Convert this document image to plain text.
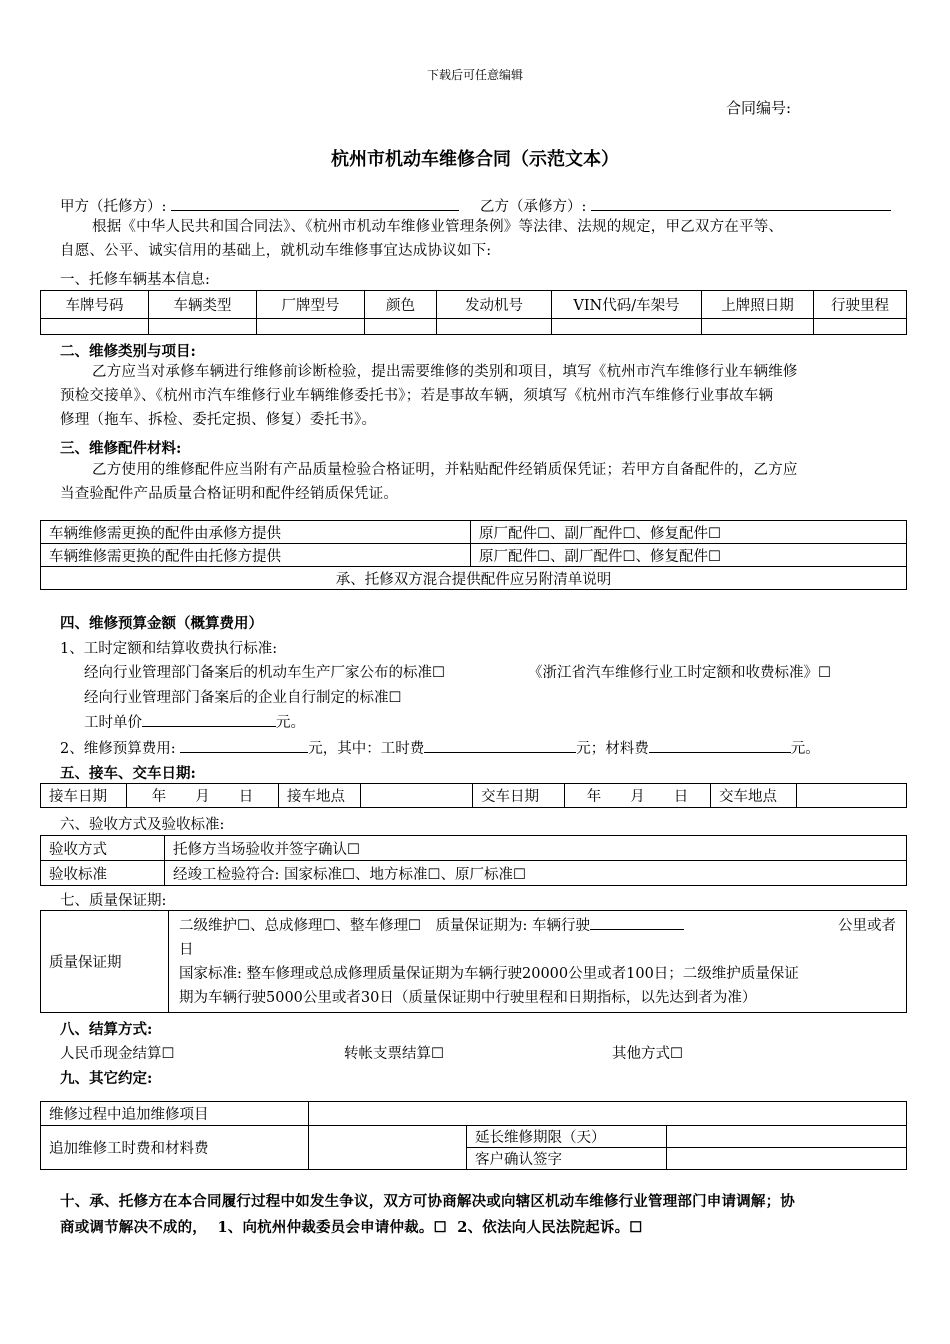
下载后可任意编辑
合同编号:
杭州市机动车维修合同（示范文本）
甲方（托修方）:	乙方（承修方）:
根据《中华人民共和国合同法》、《杭州市机动车维修业管理条例》等法律、法规的规定，甲乙双方在平等、
自愿、公平、诚实信用的基础上，就机动车维修事宜达成协议如下:
一、托修车辆基本信息:
车牌号码	车辆类型	厂牌型号	颜色	发动机号	VIN代码/车架号	上牌照日期	行驶里程

二、维修类别与项目:
乙方应当对承修车辆进行维修前诊断检验，提出需要维修的类别和项目，填写《杭州市汽车维修行业车辆维修
预检交接单》、《杭州市汽车维修行业车辆维修委托书》；若是事故车辆，须填写《杭州市汽车维修行业事故车辆
修理（拖车、拆检、委托定损、修复）委托书》。
三、维修配件材料:
乙方使用的维修配件应当附有产品质量检验合格证明，并粘贴配件经销质保凭证；若甲方自备配件的，乙方应
当查验配件产品质量合格证明和配件经销质保凭证。
车辆维修需更换的配件由承修方提供	原厂配件☐、副厂配件☐、修复配件☐
车辆维修需更换的配件由托修方提供	原厂配件☐、副厂配件☐、修复配件☐
承、托修双方混合提供配件应另附清单说明	
四、维修预算金额（概算费用）
1、工时定额和结算收费执行标准:
经向行业管理部门备案后的机动车生产厂家公布的标准☐	《浙江省汽车维修行业工时定额和收费标准》☐
经向行业管理部门备案后的企业自行制定的标准☐
工时单价	元。
2、维修预算费用:	元，其中：工时费	元；材料费	元。
五、接车、交车日期:
接车日期	年　　月　　日	接车地点		交车日期	年　　月　　日	交车地点	
六、验收方式及验收标准:
验收方式	托修方当场验收并签字确认☐
验收标准	经竣工检验符合: 国家标准☐、地方标准☐、原厂标准☐
七、质量保证期:
质量保证期	
二级维护☐、总成修理☐、整车修理☐　质量保证期为: 车辆行驶	公里或者
日
国家标准: 整车修理或总成修理质量保证期为车辆行驶20000公里或者100日；二级维护质量保证
期为车辆行驶5000公里或者30日（质量保证期中行驶里程和日期指标，以先达到者为准）
八、结算方式:
人民币现金结算☐	转帐支票结算☐	其他方式☐
九、其它约定:
维修过程中追加维修项目			
追加维修工时费和材料费		延长维修期限（天）	
		客户确认签字	
十、承、托修方在本合同履行过程中如发生争议，双方可协商解决或向辖区机动车维修行业管理部门申请调解；协
商或调节解决不成的，  1、向杭州仲裁委员会申请仲裁。☐  2、依法向人民法院起诉。☐
